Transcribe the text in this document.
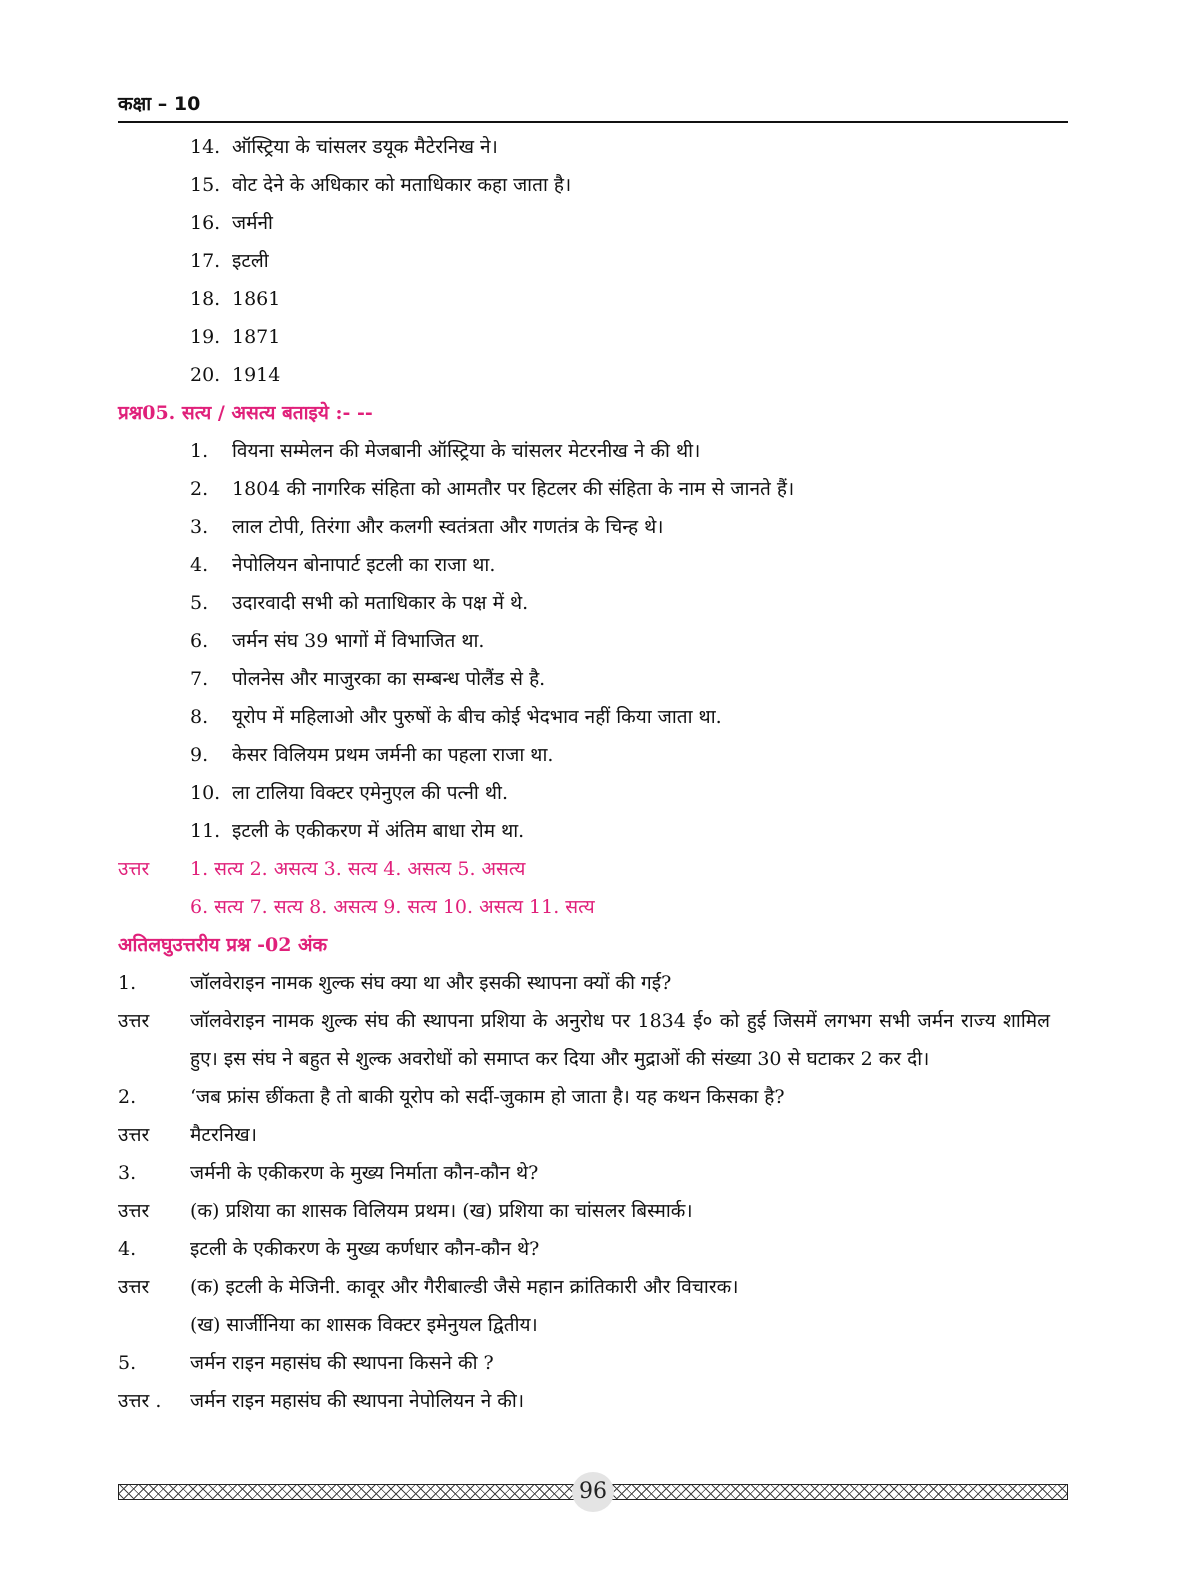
कक्षा – 10
14. ऑस्ट्रिया के चांसलर डयूक मैटेरनिख ने।
15. वोट देने के अधिकार को मताधिकार कहा जाता है।
16. जर्मनी
17. इटली
18. 1861
19. 1871
20. 1914
प्रश्न05. सत्य / असत्य बताइये :- --
1. वियना सम्मेलन की मेजबानी ऑस्ट्रिया के चांसलर मेटरनीख ने की थी।
2. 1804 की नागरिक संहिता को आमतौर पर हिटलर की संहिता के नाम से जानते हैं।
3. लाल टोपी, तिरंगा और कलगी स्वतंत्रता और गणतंत्र के चिन्ह थे।
4. नेपोलियन बोनापार्ट इटली का राजा था.
5. उदारवादी सभी को मताधिकार के पक्ष में थे.
6. जर्मन संघ 39 भागों में विभाजित था.
7. पोलनेस और माजुरका का सम्बन्ध पोलैंड से है.
8. यूरोप में महिलाओ और पुरुषों के बीच कोई भेदभाव नहीं किया जाता था.
9. केसर विलियम प्रथम जर्मनी का पहला राजा था.
10. ला टालिया विक्टर एमेनुएल की पत्नी थी.
11. इटली के एकीकरण में अंतिम बाधा रोम था.
उत्तर 1. सत्य 2. असत्य 3. सत्य 4. असत्य 5. असत्य
6. सत्य 7. सत्य 8. असत्य 9. सत्य 10. असत्य 11. सत्य
अतिलघुउत्तरीय प्रश्न -02 अंक
1.	जॉलवेराइन नामक शुल्क संघ क्या था और इसकी स्थापना क्यों की गई?
उत्तर जॉलवेराइन नामक शुल्क संघ की स्थापना प्रशिया के अनुरोध पर 1834 ई० को हुई जिसमें लगभग सभी जर्मन राज्य शामिल हुए। इस संघ ने बहुत से शुल्क अवरोधों को समाप्त कर दिया और मुद्राओं की संख्या 30 से घटाकर 2 कर दी।
2.	‘जब फ्रांस छींकता है तो बाकी यूरोप को सर्दी-जुकाम हो जाता है। यह कथन किसका है?
उत्तर मैटरनिख।
3.	जर्मनी के एकीकरण के मुख्य निर्माता कौन-कौन थे?
उत्तर (क) प्रशिया का शासक विलियम प्रथम। (ख) प्रशिया का चांसलर बिस्मार्क।
4.	इटली के एकीकरण के मुख्य कर्णधार कौन-कौन थे?
उत्तर (क) इटली के मेजिनी. कावूर और गैरीबाल्डी जैसे महान क्रांतिकारी और विचारक।
(ख) सार्जीनिया का शासक विक्टर इमेनुयल द्वितीय।
5.	जर्मन राइन महासंघ की स्थापना किसने की ?
उत्तर . जर्मन राइन महासंघ की स्थापना नेपोलियन ने की।
96
